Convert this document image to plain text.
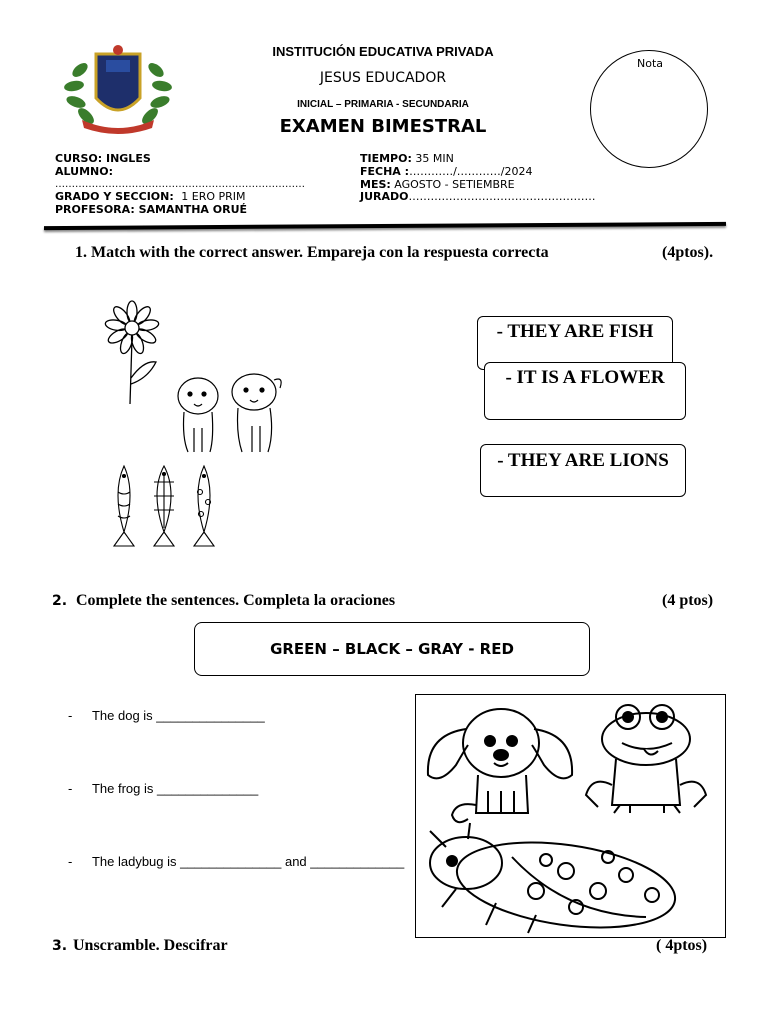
INSTITUCIÓN EDUCATIVA PRIVADA
JESUS EDUCADOR
INICIAL – PRIMARIA - SECUNDARIA
EXAMEN BIMESTRAL
Nota
CURSO: INGLES
ALUMNO:
…………………………………………………………………
GRADO Y SECCION: 1 ERO PRIM
PROFESORA: SAMANTHA ORUÉ
TIEMPO: 35 MIN
FECHA :…………/…………/2024
MES: AGOSTO - SETIEMBRE
JURADO……………………………………………
1. Match with the correct answer. Empareja con la respuesta correcta	(4ptos).
- THEY ARE FISH
- IT IS A FLOWER
- THEY ARE LIONS
2. Complete the sentences. Completa la oraciones	(4 ptos)
GREEN – BLACK – GRAY - RED
- The dog is _______________
- The frog is ______________
- The ladybug is ______________ and _____________
3. Unscramble. Descifrar	( 4ptos)
